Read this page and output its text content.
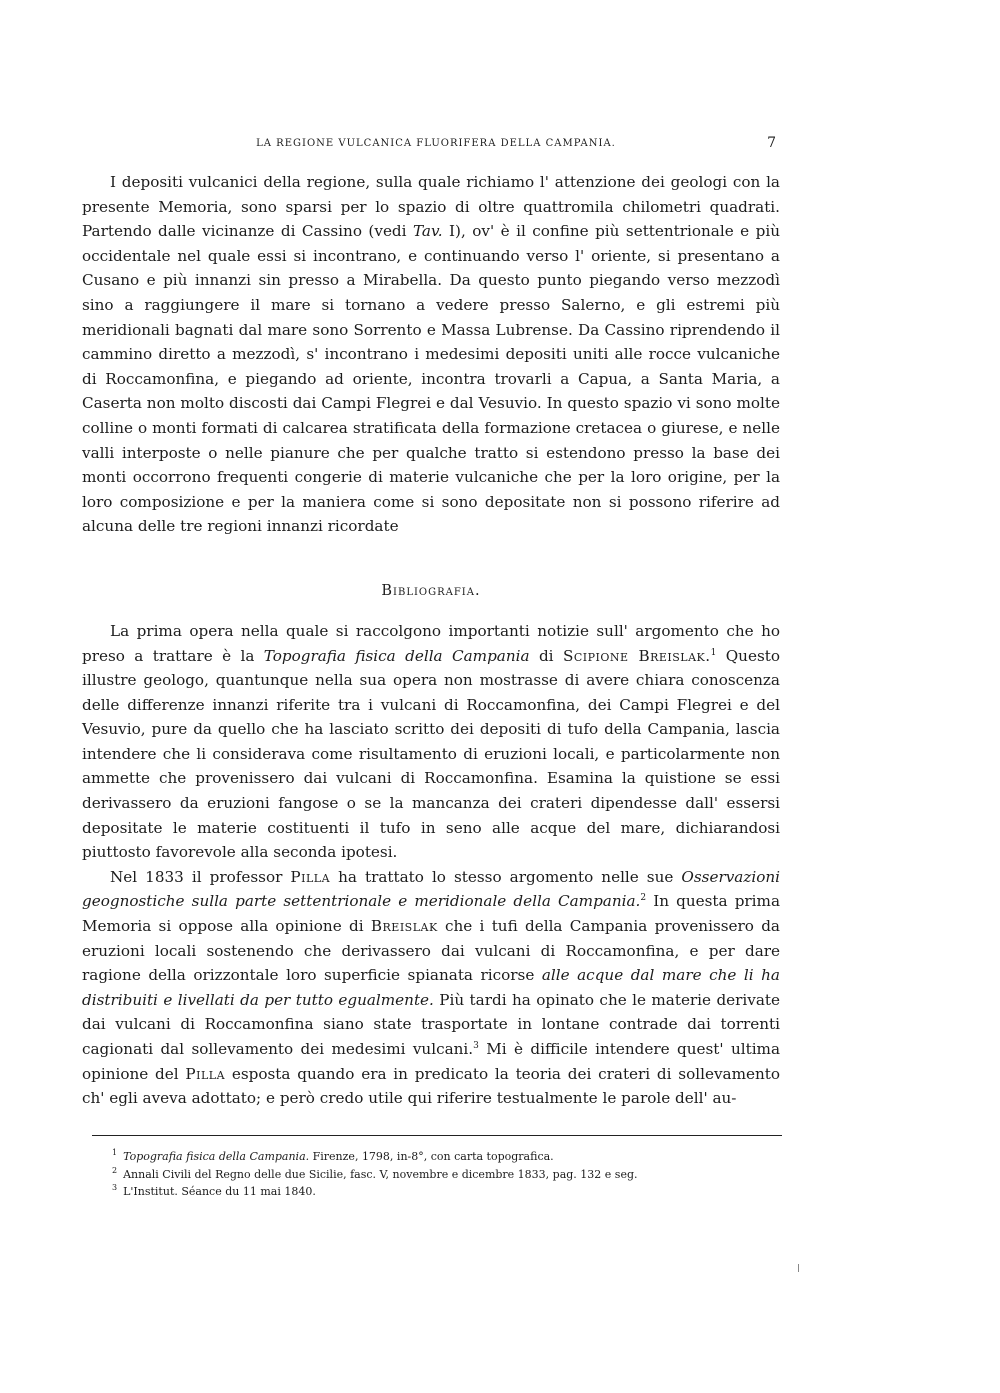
LA REGIONE VULCANICA FLUORIFERA DELLA CAMPANIA.	7

I depositi vulcanici della regione, sulla quale richiamo l' attenzione dei geologi con la presente Memoria, sono sparsi per lo spazio di oltre quattromila chilometri quadrati. Partendo dalle vicinanze di Cassino (vedi Tav. I), ov' è il confine più settentrionale e più occidentale nel quale essi si incontrano, e continuando verso l' oriente, si presentano a Cusano e più innanzi sin presso a Mirabella. Da questo punto piegando verso mezzodì sino a raggiungere il mare si tornano a vedere presso Salerno, e gli estremi più meridionali bagnati dal mare sono Sorrento e Massa Lubrense. Da Cassino riprendendo il cammino diretto a mezzodì, s' incontrano i medesimi depositi uniti alle rocce vulcaniche di Roccamonfina, e piegando ad oriente, incontra trovarli a Capua, a Santa Maria, a Caserta non molto discosti dai Campi Flegrei e dal Vesuvio. In questo spazio vi sono molte colline o monti formati di calcarea stratificata della formazione cretacea o giurese, e nelle valli interposte o nelle pianure che per qualche tratto si estendono presso la base dei monti occorrono frequenti congerie di materie vulcaniche che per la loro origine, per la loro composizione e per la maniera come si sono depositate non si possono riferire ad alcuna delle tre regioni innanzi ricordate

Bibliografia.

La prima opera nella quale si raccolgono importanti notizie sull' argomento che ho preso a trattare è la Topografia fisica della Campania di Scipione Breislak.$^1$ Questo illustre geologo, quantunque nella sua opera non mostrasse di avere chiara conoscenza delle differenze innanzi riferite tra i vulcani di Roccamonfina, dei Campi Flegrei e del Vesuvio, pure da quello che ha lasciato scritto dei depositi di tufo della Campania, lascia intendere che li considerava come risultamento di eruzioni locali, e particolarmente non ammette che provenissero dai vulcani di Roccamonfina. Esamina la quistione se essi derivassero da eruzioni fangose o se la mancanza dei crateri dipendesse dall' essersi depositate le materie costituenti il tufo in seno alle acque del mare, dichiarandosi piuttosto favorevole alla seconda ipotesi.

Nel 1833 il professor Pilla ha trattato lo stesso argomento nelle sue Osservazioni geognostiche sulla parte settentrionale e meridionale della Campania.$^2$ In questa prima Memoria si oppose alla opinione di Breislak che i tufi della Campania provenissero da eruzioni locali sostenendo che derivassero dai vulcani di Roccamonfina, e per dare ragione della orizzontale loro superficie spianata ricorse alle acque dal mare che li ha distribuiti e livellati da per tutto egualmente. Più tardi ha opinato che le materie derivate dai vulcani di Roccamonfina siano state trasportate in lontane contrade dai torrenti cagionati dal sollevamento dei medesimi vulcani.$^3$ Mi è difficile intendere quest' ultima opinione del Pilla esposta quando era in predicato la teoria dei crateri di sollevamento ch' egli aveva adottato; e però credo utile qui riferire testualmente le parole dell' au-

$^1$ Topografia fisica della Campania. Firenze, 1798, in-8°, con carta topografica.

$^2$ Annali Civili del Regno delle due Sicilie, fasc. V, novembre e dicembre 1833, pag. 132 e seg.

$^3$ L'Institut. Séance du 11 mai 1840.
